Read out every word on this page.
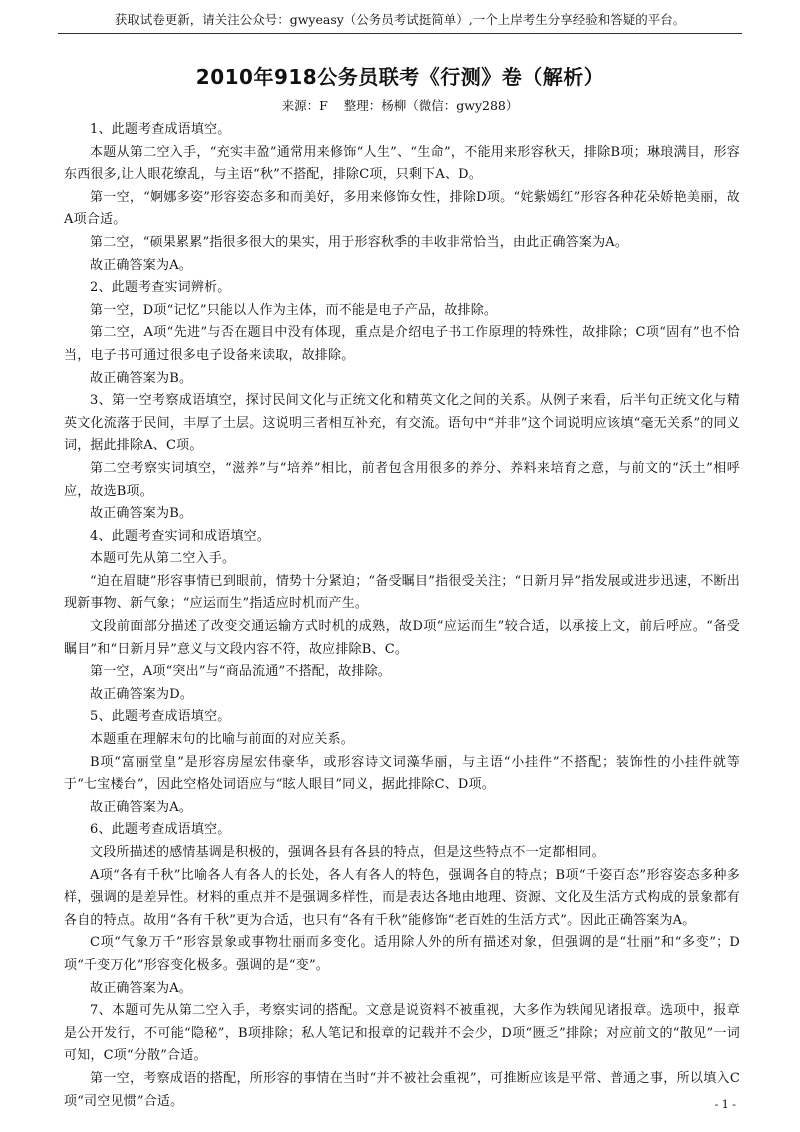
获取试卷更新，请关注公众号：gwyeasy（公务员考试挺简单）,一个上岸考生分享经验和答疑的平台。
2010年918公务员联考《行测》卷（解析）
来源：F 整理：杨柳（微信：gwy288）

1、此题考查成语填空。

本题从第二空入手，“充实丰盈”通常用来修饰“人生”、“生命”，不能用来形容秋天，排除B项；琳琅满目，形容东西很多,让人眼花缭乱，与主语“秋”不搭配，排除C项，只剩下A、D。

第一空，“婀娜多姿”形容姿态多和而美好，多用来修饰女性，排除D项。“姹紫嫣红”形容各种花朵娇艳美丽，故A项合适。

第二空，“硕果累累”指很多很大的果实，用于形容秋季的丰收非常恰当，由此正确答案为A。

故正确答案为A。

2、此题考查实词辨析。

第一空，D项“记忆”只能以人作为主体，而不能是电子产品，故排除。

第二空，A项“先进”与否在题目中没有体现，重点是介绍电子书工作原理的特殊性，故排除；C项“固有”也不恰当，电子书可通过很多电子设备来读取，故排除。

故正确答案为B。

3、第一空考察成语填空，探讨民间文化与正统文化和精英文化之间的关系。从例子来看，后半句正统文化与精英文化流落于民间，丰厚了土层。这说明三者相互补充，有交流。语句中“并非”这个词说明应该填“毫无关系”的同义词，据此排除A、C项。

第二空考察实词填空，“滋养”与“培养”相比，前者包含用很多的养分、养料来培育之意，与前文的“沃土”相呼应，故选B项。

故正确答案为B。

4、此题考查实词和成语填空。

本题可先从第二空入手。

“迫在眉睫”形容事情已到眼前，情势十分紧迫；“备受瞩目”指很受关注；“日新月异”指发展或进步迅速，不断出现新事物、新气象；“应运而生”指适应时机而产生。

文段前面部分描述了改变交通运输方式时机的成熟，故D项“应运而生”较合适，以承接上文，前后呼应。“备受瞩目”和“日新月异”意义与文段内容不符，故应排除B、C。

第一空，A项“突出”与“商品流通”不搭配，故排除。

故正确答案为D。

5、此题考查成语填空。

本题重在理解末句的比喻与前面的对应关系。

B项“富丽堂皇”是形容房屋宏伟豪华，或形容诗文词藻华丽，与主语“小挂件”不搭配；装饰性的小挂件就等于“七宝楼台”，因此空格处词语应与“眩人眼目”同义，据此排除C、D项。

故正确答案为A。

6、此题考查成语填空。

文段所描述的感情基调是积极的，强调各县有各县的特点，但是这些特点不一定都相同。

A项“各有千秋”比喻各人有各人的长处，各人有各人的特色，强调各自的特点；B项“千姿百态”形容姿态多种多样，强调的是差异性。材料的重点并不是强调多样性，而是表达各地由地理、资源、文化及生活方式构成的景象都有各自的特点。故用“各有千秋”更为合适，也只有“各有千秋”能修饰“老百姓的生活方式”。因此正确答案为A。

C项“气象万千”形容景象或事物壮丽而多变化。适用除人外的所有描述对象，但强调的是“壮丽”和“多变”；D项“千变万化”形容变化极多。强调的是“变”。

故正确答案为A。

7、本题可先从第二空入手，考察实词的搭配。文意是说资料不被重视，大多作为轶闻见诸报章。选项中，报章是公开发行，不可能“隐秘”，B项排除；私人笔记和报章的记载并不会少，D项“匮乏”排除；对应前文的“散见”一词可知，C项“分散”合适。

第一空，考察成语的搭配，所形容的事情在当时“并不被社会重视”，可推断应该是平常、普通之事，所以填入C项“司空见惯”合适。	- 1 -
